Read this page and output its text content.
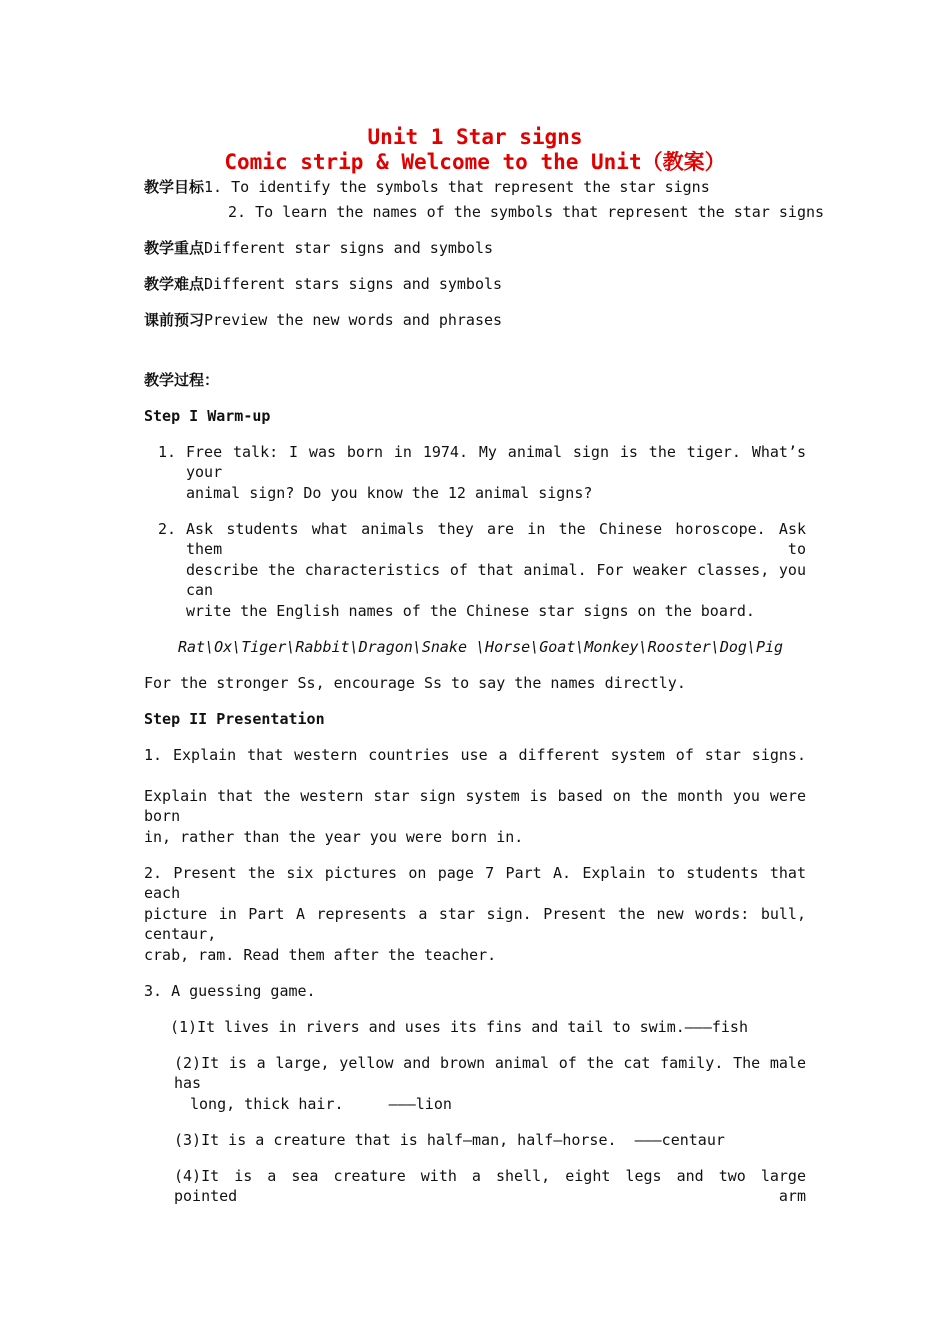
Unit 1 Star signs
Comic strip & Welcome to the Unit（教案）
教学目标1. To identify the symbols that represent the star signs
2. To learn the names of the symbols that represent the star signs
教学重点Different star signs and symbols
教学难点Different stars signs and symbols
课前预习Preview the new words and phrases
教学过程：
Step I Warm-up
1. Free talk: I was born in 1974. My animal sign is the tiger. What’s your
animal sign? Do you know the 12 animal signs?
2. Ask students what animals they are in the Chinese horoscope. Ask them to
describe the characteristics of that animal. For weaker classes, you can
write the English names of the Chinese star signs on the board.
Rat\Ox\Tiger\Rabbit\Dragon\Snake \Horse\Goat\Monkey\Rooster\Dog\Pig
For the stronger Ss, encourage Ss to say the names directly.
Step II Presentation
1. Explain that western countries use a different system of star signs.
Explain that the western star sign system is based on the month you were born
in, rather than the year you were born in.
2. Present the six pictures on page 7 Part A. Explain to students that each
picture in Part A represents a star sign. Present the new words: bull, centaur,
crab, ram. Read them after the teacher.
3. A guessing game.
(1)It lives in rivers and uses its fins and tail to swim.———fish
(2)It is a large, yellow and brown animal of the cat family. The male has
long, thick hair.     ———lion
(3)It is a creature that is half—man, half—horse.  ———centaur
(4)It is a sea creature with a shell, eight legs and two large pointed arm
